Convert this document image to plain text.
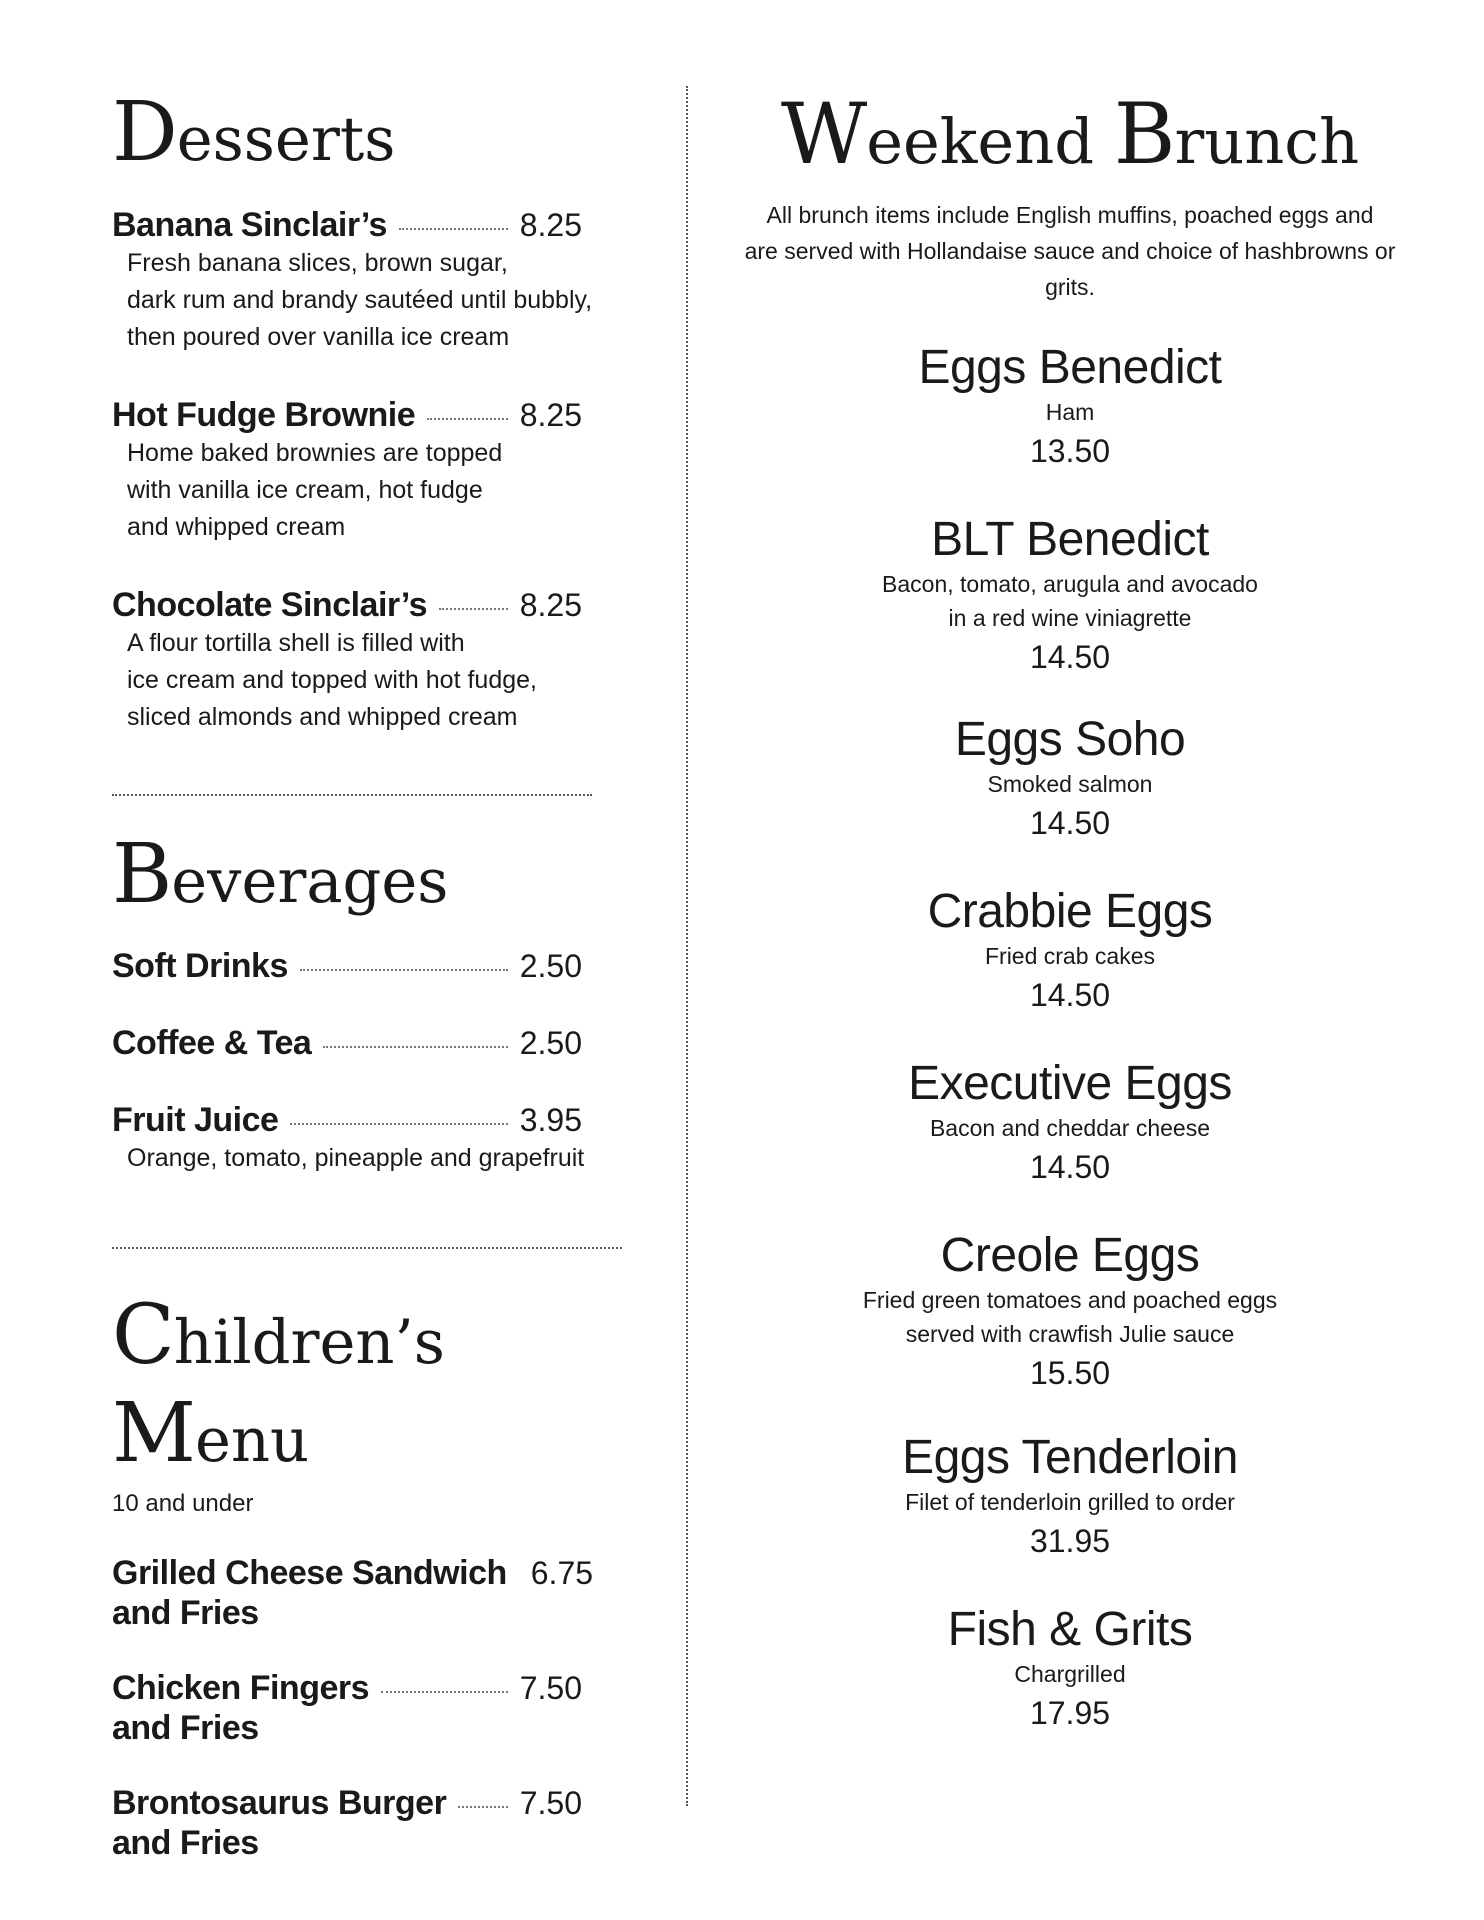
Desserts
Banana Sinclair’s	8.25
Fresh banana slices, brown sugar,
dark rum and brandy sautéed until bubbly,
then poured over vanilla ice cream
Hot Fudge Brownie	8.25
Home baked brownies are topped
with vanilla ice cream, hot fudge
and whipped cream
Chocolate Sinclair’s	8.25
A flour tortilla shell is filled with
ice cream and topped with hot fudge,
sliced almonds and whipped cream
Beverages
Soft Drinks	2.50
Coffee & Tea	2.50
Fruit Juice	3.95
Orange, tomato, pineapple and grapefruit
Children’s Menu
10 and under
Grilled Cheese Sandwich 6.75
and Fries
Chicken Fingers	7.50
and Fries
Brontosaurus Burger 7.50
and Fries
Weekend Brunch
All brunch items include English muffins, poached eggs and
are served with Hollandaise sauce and choice of hashbrowns or grits.
Eggs Benedict
Ham
13.50
BLT Benedict
Bacon, tomato, arugula and avocado
in a red wine viniagrette
14.50
Eggs Soho
Smoked salmon
14.50
Crabbie Eggs
Fried crab cakes
14.50
Executive Eggs
Bacon and cheddar cheese
14.50
Creole Eggs
Fried green tomatoes and poached eggs
served with crawfish Julie sauce
15.50
Eggs Tenderloin
Filet of tenderloin grilled to order
31.95
Fish & Grits
Chargrilled
17.95
